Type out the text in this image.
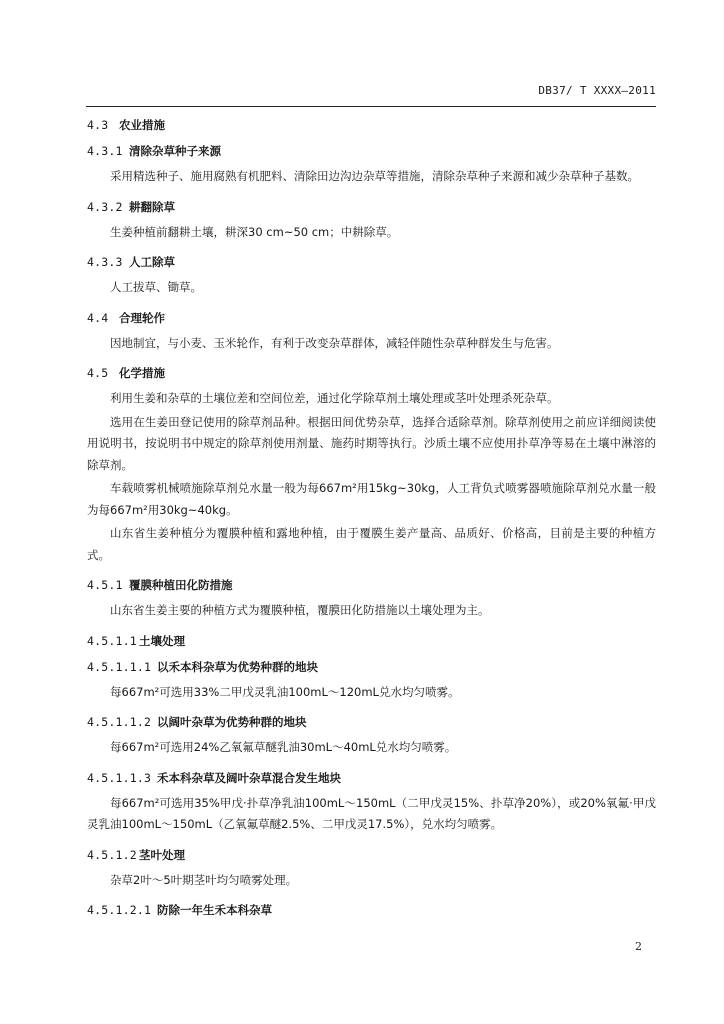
DB37/ T XXXX—2011
4.3 农业措施
4.3.1 清除杂草种子来源

采用精选种子、施用腐熟有机肥料、清除田边沟边杂草等措施，清除杂草种子来源和减少杂草种子基数。

4.3.2 耕翻除草

生姜种植前翻耕土壤，耕深30 cm~50 cm；中耕除草。

4.3.3 人工除草

人工拔草、锄草。

4.4 合理轮作

因地制宜，与小麦、玉米轮作，有利于改变杂草群体，减轻伴随性杂草种群发生与危害。

4.5 化学措施

利用生姜和杂草的土壤位差和空间位差，通过化学除草剂土壤处理或茎叶处理杀死杂草。

选用在生姜田登记使用的除草剂品种。根据田间优势杂草，选择合适除草剂。除草剂使用之前应详细阅读使用说明书，按说明书中规定的除草剂使用剂量、施药时期等执行。沙质土壤不应使用扑草净等易在土壤中淋溶的除草剂。

车载喷雾机械喷施除草剂兑水量一般为每667m²用15kg~30kg，人工背负式喷雾器喷施除草剂兑水量一般为每667m²用30kg~40kg。

山东省生姜种植分为覆膜种植和露地种植，由于覆膜生姜产量高、品质好、价格高，目前是主要的种植方式。

4.5.1 覆膜种植田化防措施

山东省生姜主要的种植方式为覆膜种植，覆膜田化防措施以土壤处理为主。

4.5.1.1 土壤处理
4.5.1.1.1 以禾本科杂草为优势种群的地块

每667m²可选用33%二甲戊灵乳油100mL～120mL兑水均匀喷雾。

4.5.1.1.2 以阔叶杂草为优势种群的地块

每667m²可选用24%乙氧氟草醚乳油30mL～40mL兑水均匀喷雾。

4.5.1.1.3 禾本科杂草及阔叶杂草混合发生地块

每667m²可选用35%甲戊·扑草净乳油100mL～150mL（二甲戊灵15%、扑草净20%），或20%氧氟·甲戊灵乳油100mL～150mL（乙氧氟草醚2.5%、二甲戊灵17.5%），兑水均匀喷雾。

4.5.1.2 茎叶处理

杂草2叶～5叶期茎叶均匀喷雾处理。

4.5.1.2.1 防除一年生禾本科杂草
2
